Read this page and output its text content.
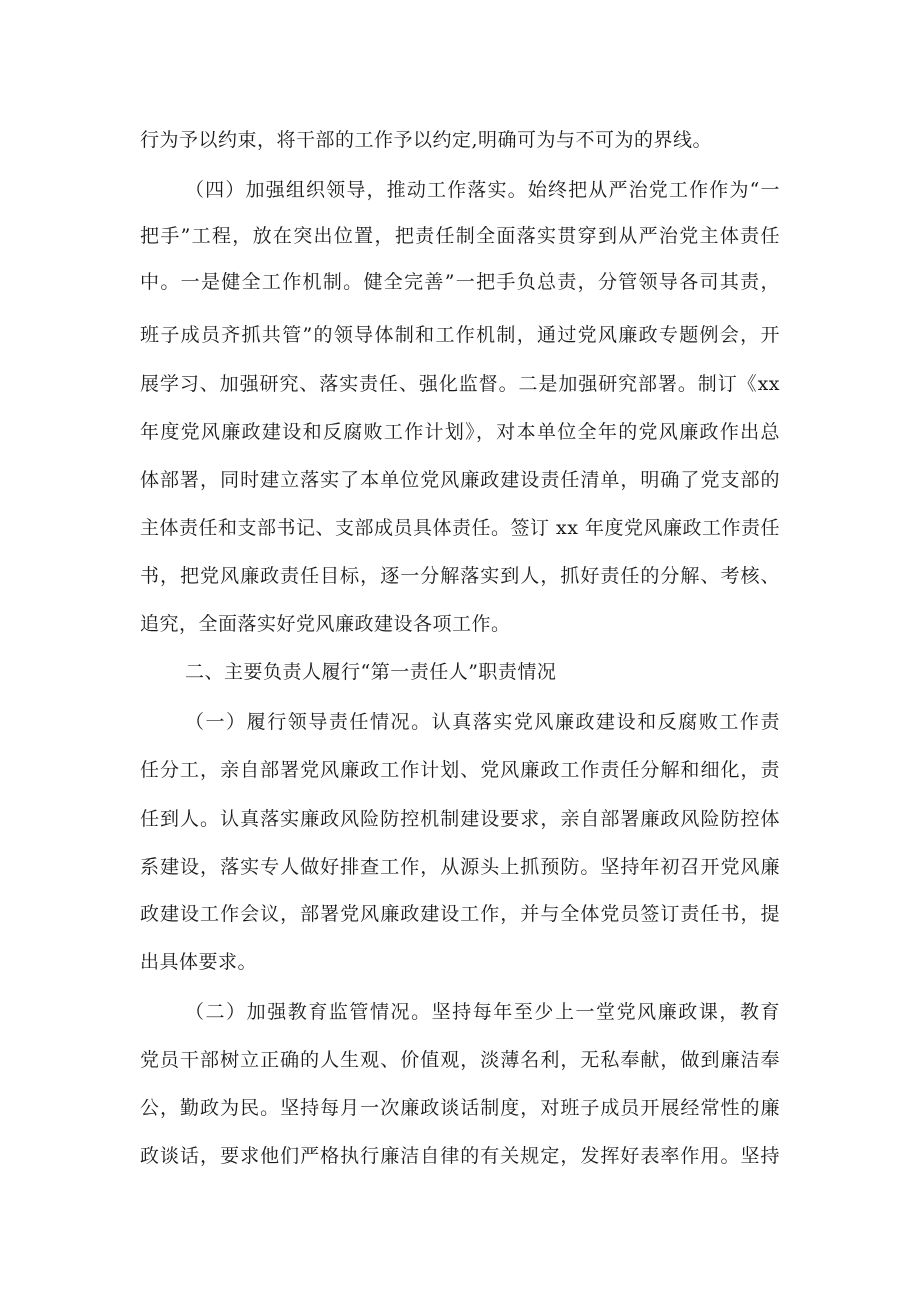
行为予以约束，将干部的工作予以约定,明确可为与不可为的界线。

（四）加强组织领导，推动工作落实。始终把从严治党工作作为“一

把手”工程，放在突出位置，把责任制全面落实贯穿到从严治党主体责任

中。一是健全工作机制。健全完善”一把手负总责，分管领导各司其责，

班子成员齐抓共管”的领导体制和工作机制，通过党风廉政专题例会，开

展学习、加强研究、落实责任、强化监督。二是加强研究部署。制订《xx

年度党风廉政建设和反腐败工作计划》，对本单位全年的党风廉政作出总

体部署，同时建立落实了本单位党风廉政建设责任清单，明确了党支部的

主体责任和支部书记、支部成员具体责任。签订 xx 年度党风廉政工作责任

书，把党风廉政责任目标，逐一分解落实到人，抓好责任的分解、考核、

追究，全面落实好党风廉政建设各项工作。

二、主要负责人履行“第一责任人”职责情况

（一）履行领导责任情况。认真落实党风廉政建设和反腐败工作责

任分工，亲自部署党风廉政工作计划、党风廉政工作责任分解和细化，责

任到人。认真落实廉政风险防控机制建设要求，亲自部署廉政风险防控体

系建设，落实专人做好排查工作，从源头上抓预防。坚持年初召开党风廉

政建设工作会议，部署党风廉政建设工作，并与全体党员签订责任书，提

出具体要求。

（二）加强教育监管情况。坚持每年至少上一堂党风廉政课，教育

党员干部树立正确的人生观、价值观，淡薄名利，无私奉献，做到廉洁奉

公，勤政为民。坚持每月一次廉政谈话制度，对班子成员开展经常性的廉

政谈话，要求他们严格执行廉洁自律的有关规定，发挥好表率作用。坚持
